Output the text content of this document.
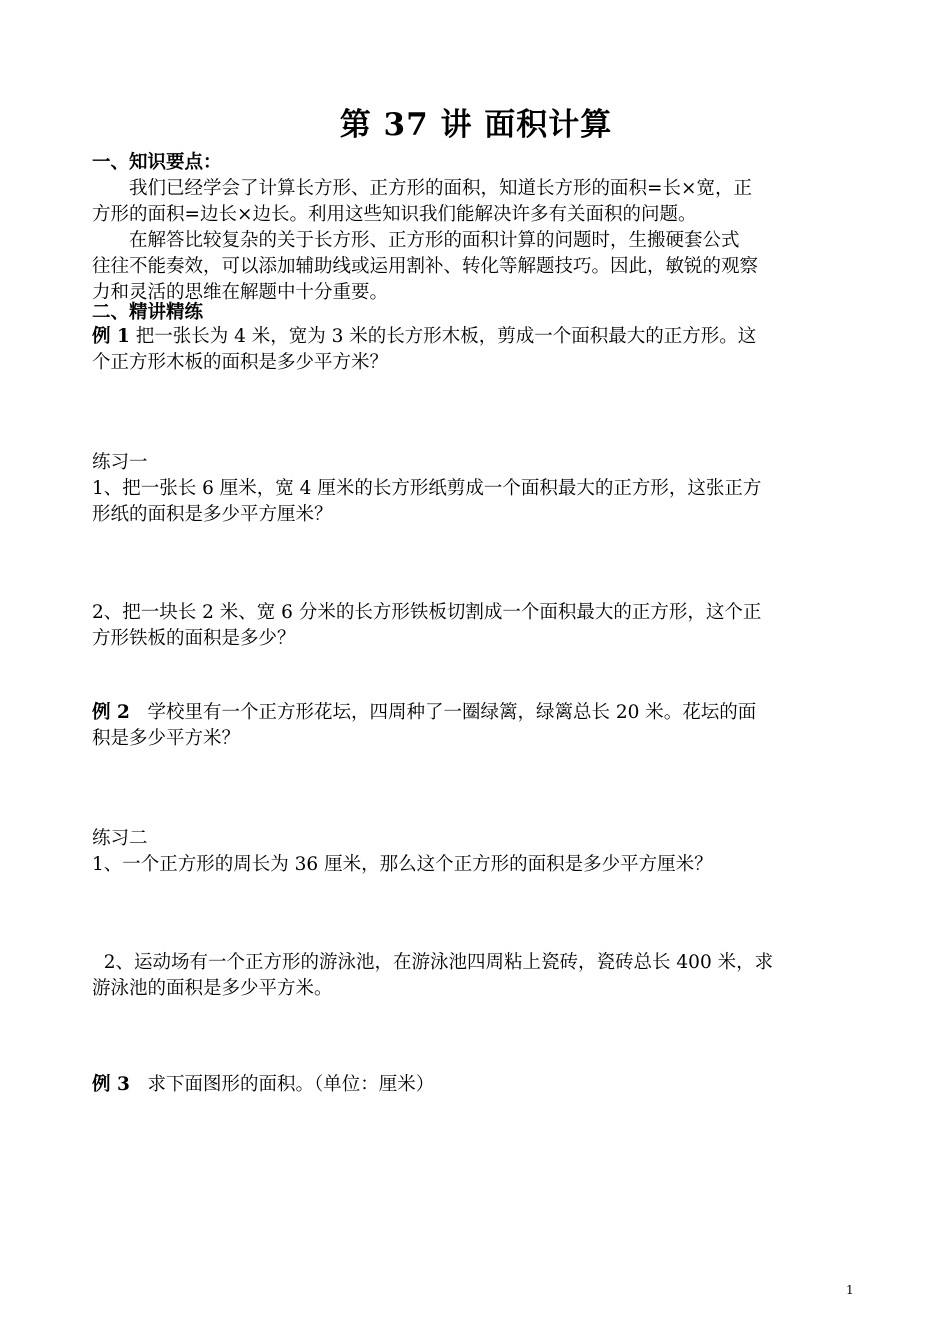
第 37 讲 面积计算
一、知识要点：
我们已经学会了计算长方形、正方形的面积，知道长方形的面积=长×宽，正
方形的面积=边长×边长。利用这些知识我们能解决许多有关面积的问题。
在解答比较复杂的关于长方形、正方形的面积计算的问题时，生搬硬套公式
往往不能奏效，可以添加辅助线或运用割补、转化等解题技巧。因此，敏锐的观察
力和灵活的思维在解题中十分重要。
二、精讲精练
例 1 把一张长为 4 米，宽为 3 米的长方形木板，剪成一个面积最大的正方形。这
个正方形木板的面积是多少平方米？
练习一
1、把一张长 6 厘米，宽 4 厘米的长方形纸剪成一个面积最大的正方形，这张正方
形纸的面积是多少平方厘米？
2、把一块长 2 米、宽 6 分米的长方形铁板切割成一个面积最大的正方形，这个正
方形铁板的面积是多少？
例 2   学校里有一个正方形花坛，四周种了一圈绿篱，绿篱总长 20 米。花坛的面
积是多少平方米？
练习二
1、一个正方形的周长为 36 厘米，那么这个正方形的面积是多少平方厘米？
2、运动场有一个正方形的游泳池，在游泳池四周粘上瓷砖，瓷砖总长 400 米，求
游泳池的面积是多少平方米。
例 3   求下面图形的面积。（单位：厘米）
1
